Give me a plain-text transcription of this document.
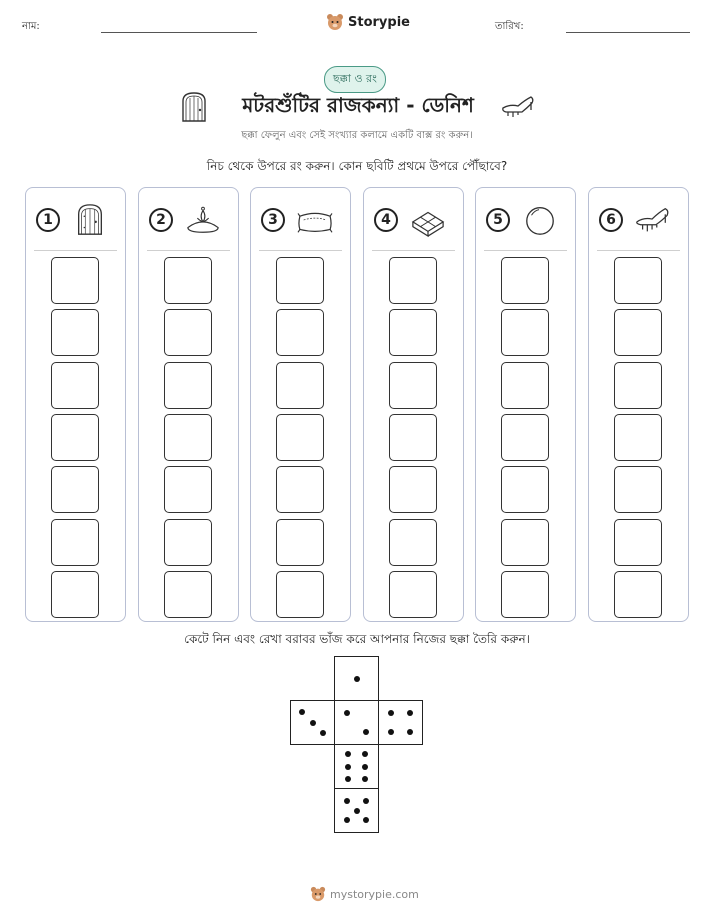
নাম:	Storypie	তারিখ:
ছক্কা ও রং
মটরশুঁটির রাজকন্যা - ডেনিশ
ছক্কা ফেলুন এবং সেই সংখ্যার কলামে একটি বাক্স রং করুন।
নিচ থেকে উপরে রং করুন। কোন ছবিটি প্রথমে উপরে পৌঁছাবে?
1	2	3	4	5	6
কেটে নিন এবং রেখা বরাবর ভাঁজ করে আপনার নিজের ছক্কা তৈরি করুন।
mystorypie.com
